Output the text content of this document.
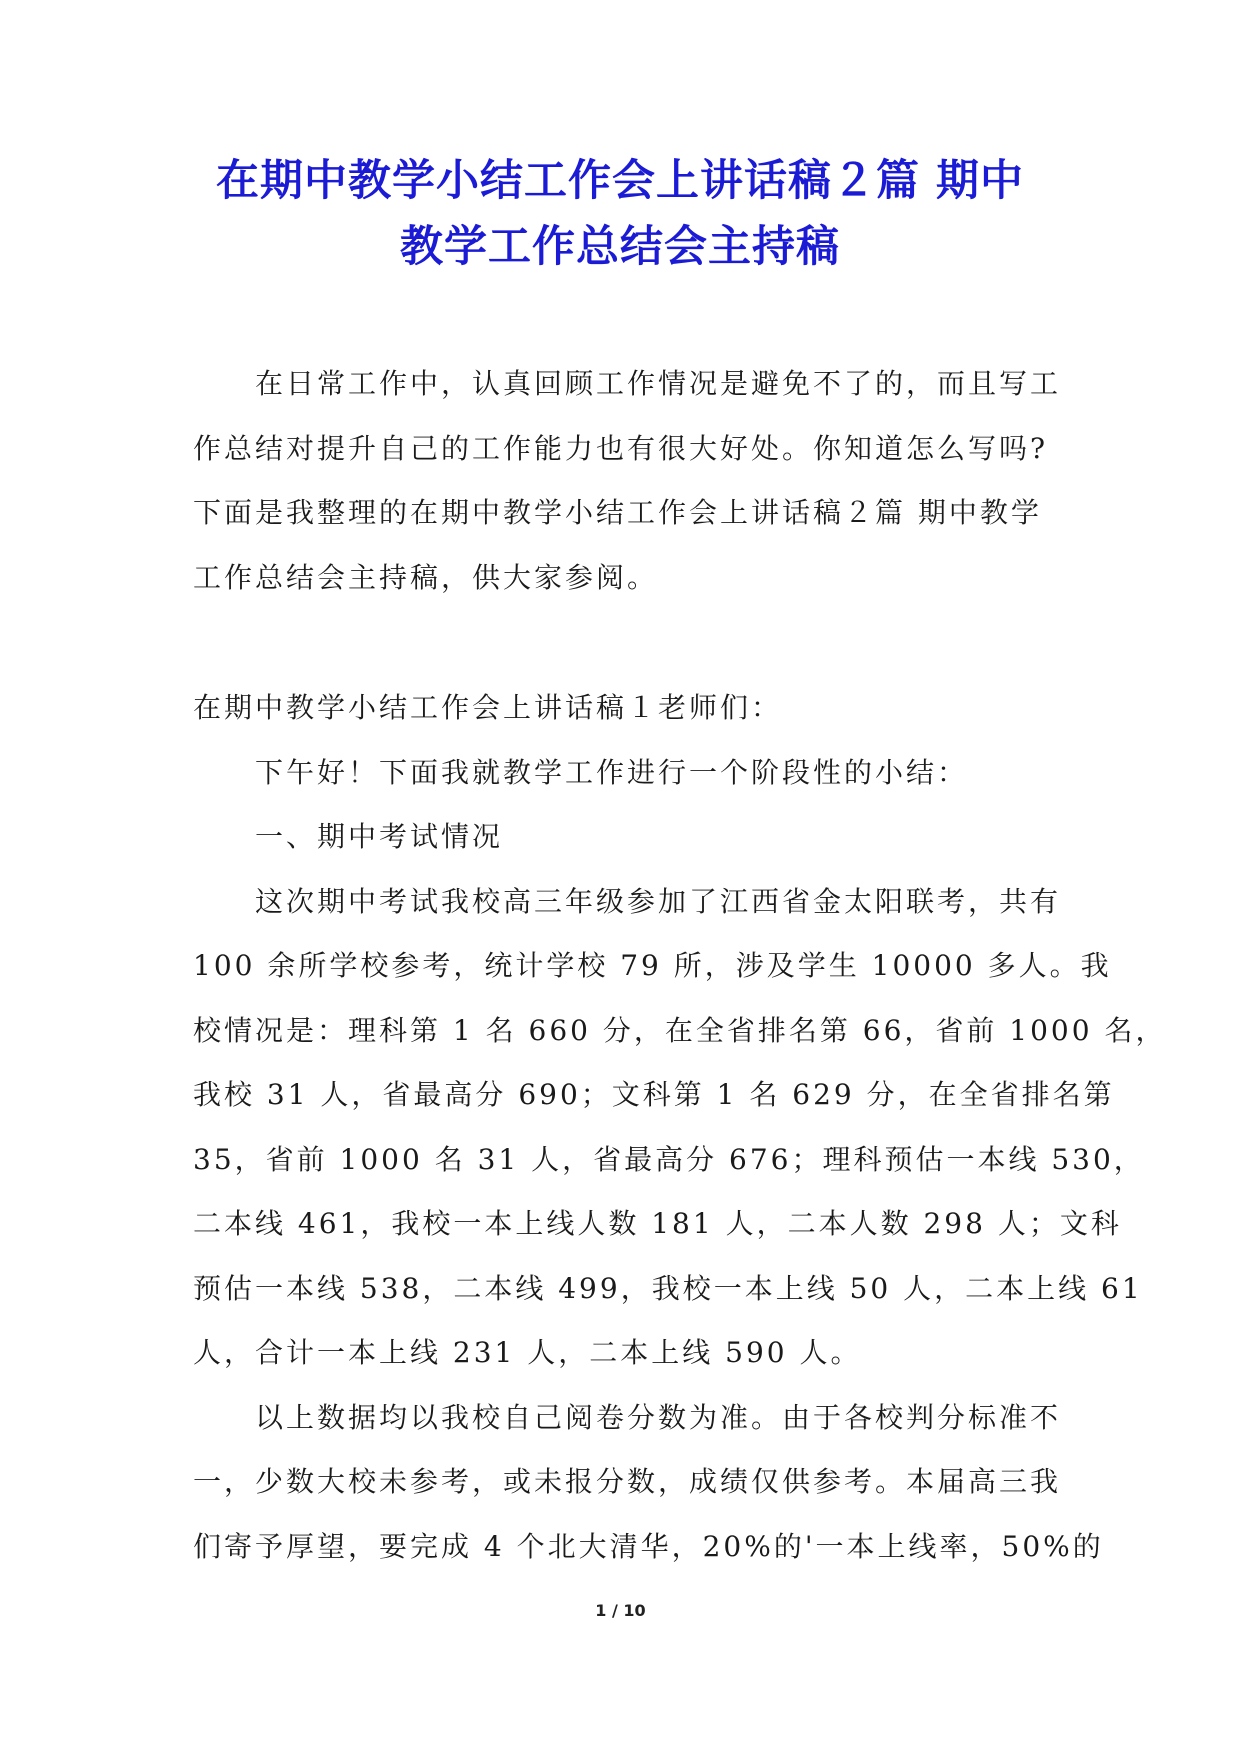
在期中教学小结工作会上讲话稿２篇 期中
教学工作总结会主持稿
　　在日常工作中，认真回顾工作情况是避免不了的，而且写工
作总结对提升自己的工作能力也有很大好处。你知道怎么写吗?
下面是我整理的在期中教学小结工作会上讲话稿２篇 期中教学
工作总结会主持稿，供大家参阅。
在期中教学小结工作会上讲话稿１老师们：
　　下午好！下面我就教学工作进行一个阶段性的小结：
　　一、期中考试情况
　　这次期中考试我校高三年级参加了江西省金太阳联考，共有
100 余所学校参考，统计学校 79 所，涉及学生 10000 多人。我
校情况是：理科第 1 名 660 分，在全省排名第 66，省前 1000 名，
我校 31 人，省最高分 690；文科第 1 名 629 分，在全省排名第
35，省前 1000 名 31 人，省最高分 676；理科预估一本线 530，
二本线 461，我校一本上线人数 181 人，二本人数 298 人；文科
预估一本线 538，二本线 499，我校一本上线 50 人，二本上线 61
人，合计一本上线 231 人，二本上线 590 人。
　　以上数据均以我校自己阅卷分数为准。由于各校判分标准不
一，少数大校未参考，或未报分数，成绩仅供参考。本届高三我
们寄予厚望，要完成 4 个北大清华，20%的'一本上线率，50%的
1 / 10
